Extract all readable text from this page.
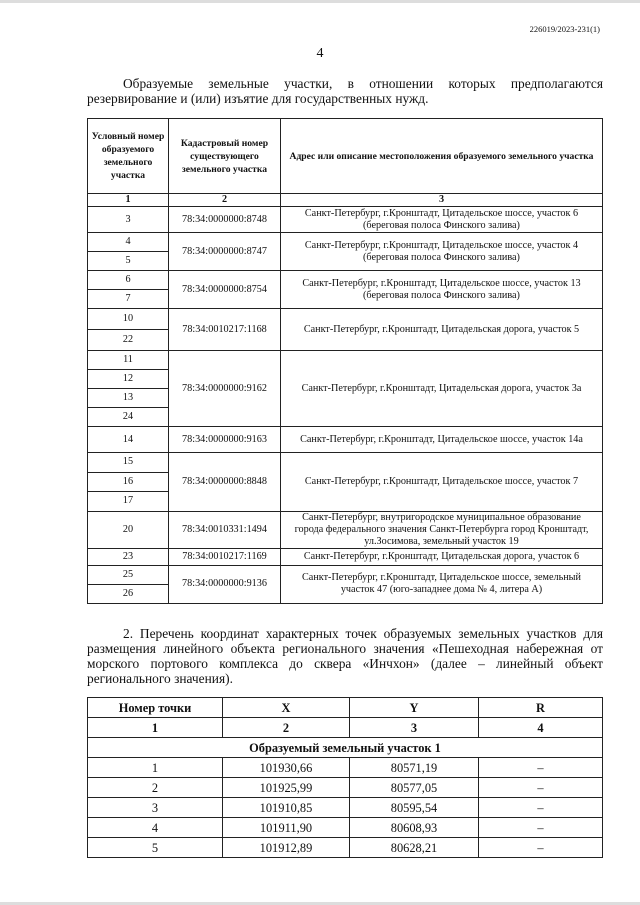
226019/2023-231(1)
4
Образуемые земельные участки, в отношении которых предполагаются резервирование и (или) изъятие для государственных нужд.
Условный номер образуемого земельного участка	Кадастровый номер существующего земельного участка	Адрес или описание местоположения образуемого земельного участка
1	2	3
3	78:34:0000000:8748	Санкт-Петербург, г.Кронштадт, Цитадельское шоссе, участок 6 (береговая полоса Финского залива)
4	78:34:0000000:8747	Санкт-Петербург, г.Кронштадт, Цитадельское шоссе, участок 4 (береговая полоса Финского залива)
5		
6	78:34:0000000:8754	Санкт-Петербург, г.Кронштадт, Цитадельское шоссе, участок 13 (береговая полоса Финского залива)
7		
10	78:34:0010217:1168	Санкт-Петербург, г.Кронштадт, Цитадельская дорога, участок 5
22		
11	78:34:0000000:9162	Санкт-Петербург, г.Кронштадт, Цитадельская дорога, участок 3а
12		
13		
24		
14	78:34:0000000:9163	Санкт-Петербург, г.Кронштадт, Цитадельское шоссе, участок 14а
15	78:34:0000000:8848	Санкт-Петербург, г.Кронштадт, Цитадельское шоссе, участок 7
16		
17		
20	78:34:0010331:1494	Санкт-Петербург, внутригородское муниципальное образование города федерального значения Санкт-Петербурга город Кронштадт, ул.Зосимова, земельный участок 19
23	78:34:0010217:1169	Санкт-Петербург, г.Кронштадт, Цитадельская дорога, участок 6
25	78:34:0000000:9136	Санкт-Петербург, г.Кронштадт, Цитадельское шоссе, земельный участок 47 (юго-западнее дома № 4, литера А)
26		
2. Перечень координат характерных точек образуемых земельных участков для размещения линейного объекта регионального значения «Пешеходная набережная от морского портового комплекса до сквера «Инчхон» (далее – линейный объект регионального значения).
Номер точки	X	Y	R
1	2	3	4
Образуемый земельный участок 1			
1	101930,66	80571,19	–
2	101925,99	80577,05	–
3	101910,85	80595,54	–
4	101911,90	80608,93	–
5	101912,89	80628,21	–
